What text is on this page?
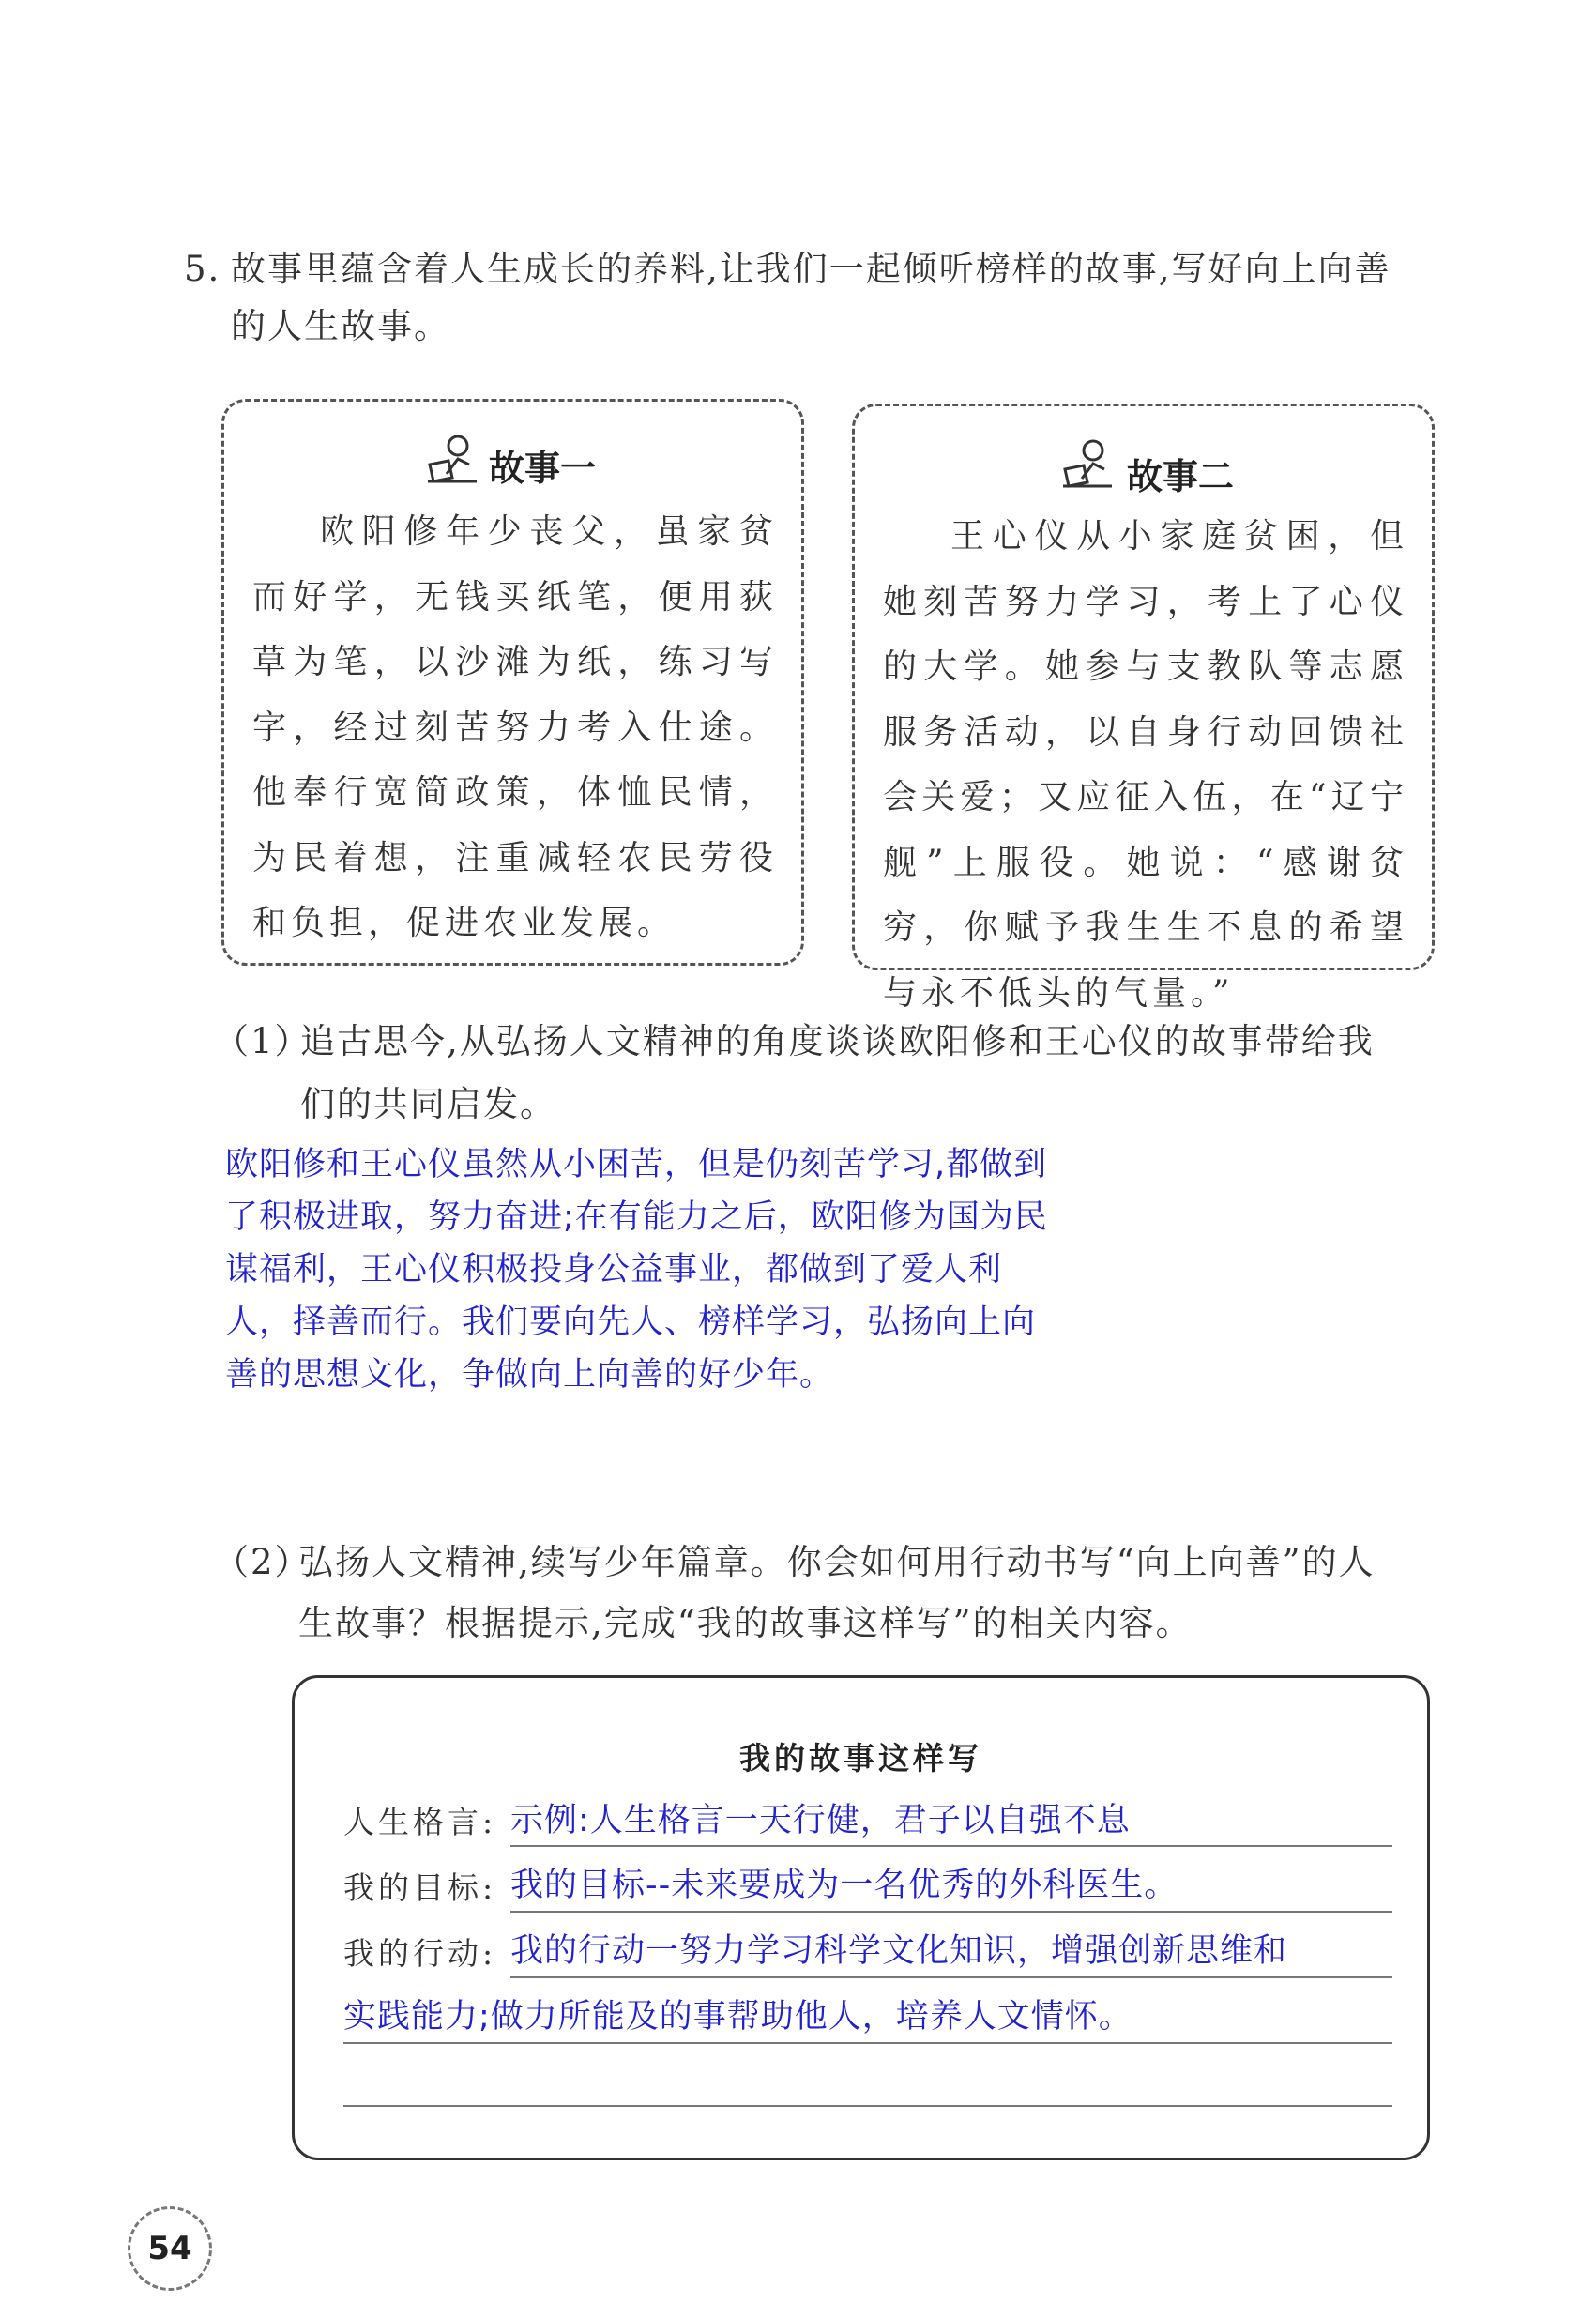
5. 故事里蕴含着人生成长的养料,让我们一起倾听榜样的故事,写好向上向善
的人生故事。
故事一
欧阳修年少丧父，虽家贫而好学，无钱买纸笔，便用荻草为笔，以沙滩为纸，练习写字，经过刻苦努力考入仕途。他奉行宽简政策，体恤民情，为民着想，注重减轻农民劳役和负担，促进农业发展。
故事二
王心仪从小家庭贫困，但她刻苦努力学习，考上了心仪的大学。她参与支教队等志愿服务活动，以自身行动回馈社会关爱；又应征入伍，在“辽宁舰”上服役。她说：“感谢贫穷，你赋予我生生不息的希望与永不低头的气量。”
（1）
追古思今,从弘扬人文精神的角度谈谈欧阳修和王心仪的故事带给我
们的共同启发。
欧阳修和王心仪虽然从小困苦，但是仍刻苦学习,都做到
了积极进取，努力奋进;在有能力之后，欧阳修为国为民
谋福利，王心仪积极投身公益事业，都做到了爱人利
人，择善而行。我们要向先人、榜样学习，弘扬向上向
善的思想文化，争做向上向善的好少年。
（2）
弘扬人文精神,续写少年篇章。你会如何用行动书写“向上向善”的人
生故事？根据提示,完成“我的故事这样写”的相关内容。
我的故事这样写
人生格言: 示例:人生格言一天行健，君子以自强不息
我的目标: 我的目标--未来要成为一名优秀的外科医生。
我的行动: 我的行动一努力学习科学文化知识，增强创新思维和
实践能力;做力所能及的事帮助他人，培养人文情怀。
54
